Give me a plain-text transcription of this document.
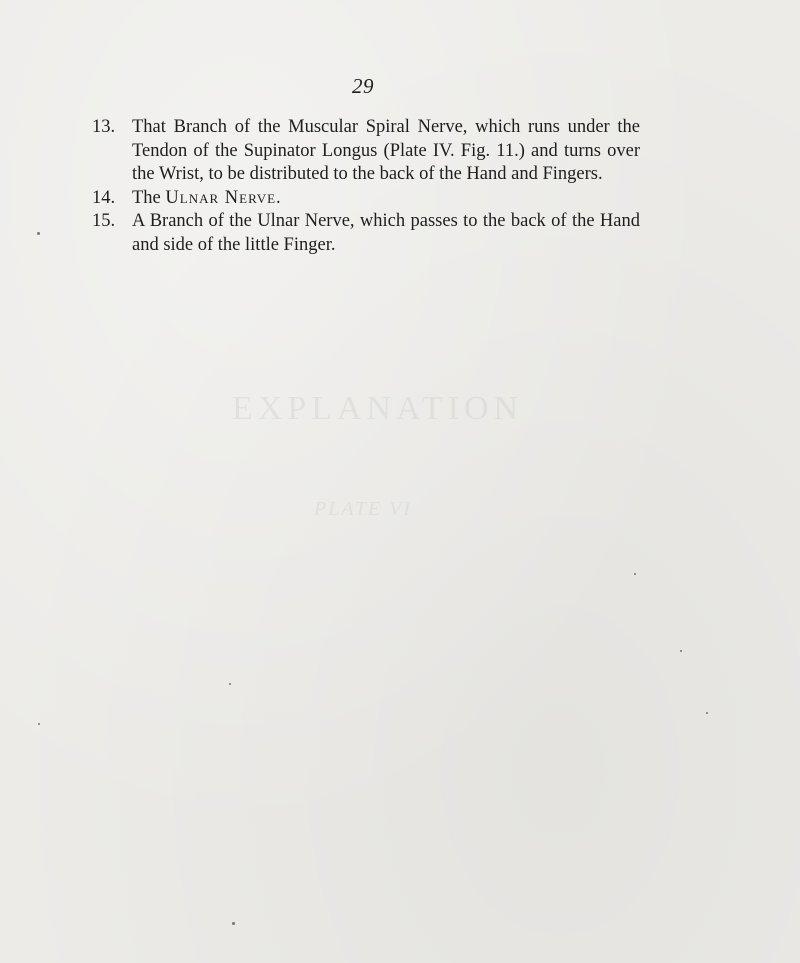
EXPLANATION
PLATE VI
29
13. That Branch of the Muscular Spiral Nerve, which runs under the Tendon of the Supinator Longus (Plate IV. Fig. 11.) and turns over the Wrist, to be distributed to the back of the Hand and Fingers.
14. The Ulnar Nerve.
15. A Branch of the Ulnar Nerve, which passes to the back of the Hand and side of the little Finger.
